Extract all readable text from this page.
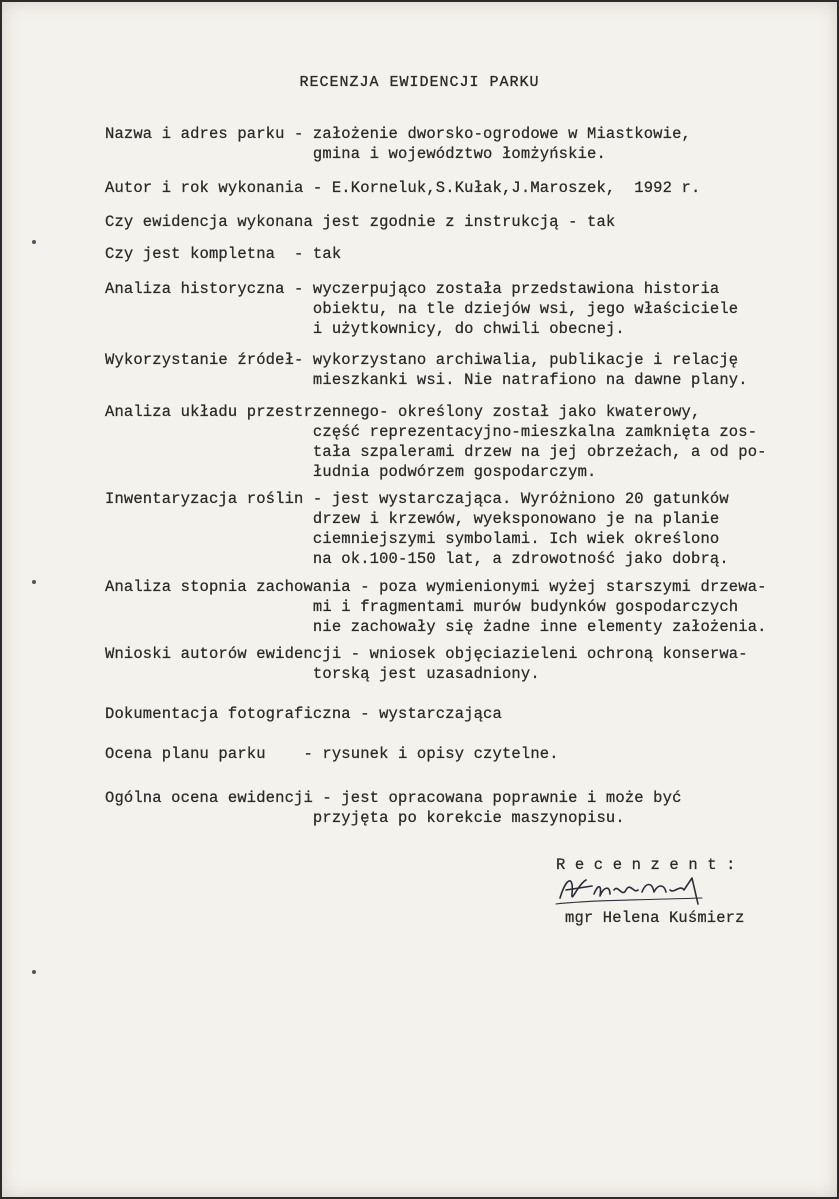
RECENZJA EWIDENCJI PARKU
Nazwa i adres parku - założenie dworsko-ogrodowe w Miastkowie,
gmina i województwo łomżyńskie.
Autor i rok wykonania - E.Korneluk,S.Kułak,J.Maroszek,  1992 r.
Czy ewidencja wykonana jest zgodnie z instrukcją - tak
Czy jest kompletna  - tak
Analiza historyczna - wyczerpująco została przedstawiona historia
obiektu, na tle dziejów wsi, jego właściciele
i użytkownicy, do chwili obecnej.
Wykorzystanie źródeł- wykorzystano archiwalia, publikacje i relację
mieszkanki wsi. Nie natrafiono na dawne plany.
Analiza układu przestrzennego- określony został jako kwaterowy,
część reprezentacyjno-mieszkalna zamknięta zos-
tała szpalerami drzew na jej obrzeżach, a od po-
łudnia podwórzem gospodarczym.
Inwentaryzacja roślin - jest wystarczająca. Wyróżniono 20 gatunków
drzew i krzewów, wyeksponowano je na planie
ciemniejszymi symbolami. Ich wiek określono
na ok.100-150 lat, a zdrowotność jako dobrą.
Analiza stopnia zachowania - poza wymienionymi wyżej starszymi drzewa-
mi i fragmentami murów budynków gospodarczych
nie zachowały się żadne inne elementy założenia.
Wnioski autorów ewidencji - wniosek objęciazieleni ochroną konserwa-
torską jest uzasadniony.
Dokumentacja fotograficzna - wystarczająca
Ocena planu parku    - rysunek i opisy czytelne.
Ogólna ocena ewidencji - jest opracowana poprawnie i może być
przyjęta po korekcie maszynopisu.
R e c e n z e n t :
mgr Helena Kuśmierz
